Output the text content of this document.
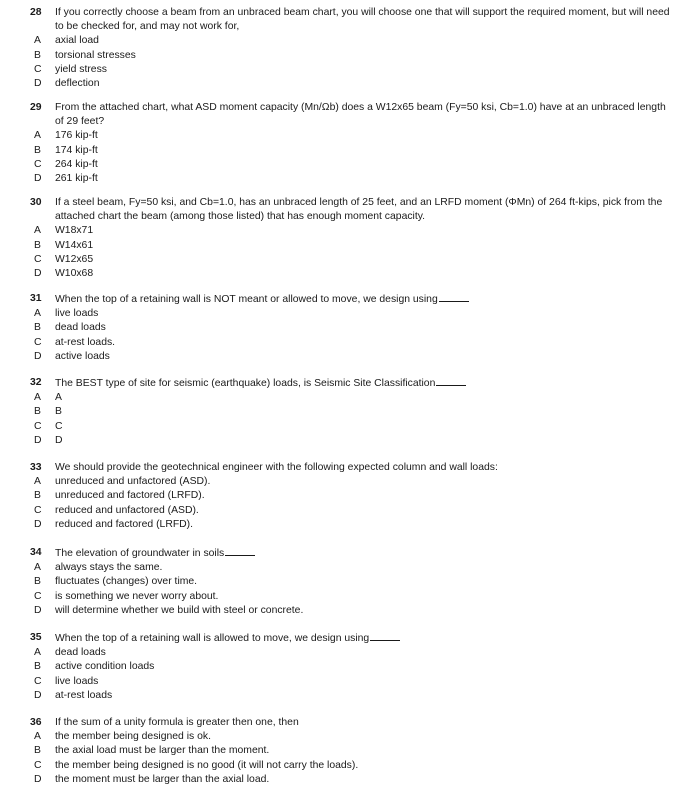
28	If you correctly choose a beam from an unbraced beam chart, you will choose one that will support the required moment, but will need to be checked for, and may not work for,
A	axial load
B	torsional stresses
C	yield stress
D	deflection
29	From the attached chart, what ASD moment capacity (Mn/Ωb) does a W12x65 beam (Fy=50 ksi, Cb=1.0) have at an unbraced length of 29 feet?
A	176 kip-ft
B	174 kip-ft
C	264 kip-ft
D	261 kip-ft
30	If a steel beam, Fy=50 ksi, and Cb=1.0, has an unbraced length of 25 feet, and an LRFD moment (ΦMn) of 264 ft-kips, pick from the attached chart the beam (among those listed) that has enough moment capacity.
A	W18x71
B	W14x61
C	W12x65
D	W10x68
31	When the top of a retaining wall is NOT meant or allowed to move, we design using
A	live loads
B	dead loads
C	at-rest loads.
D	active loads
32	The BEST type of site for seismic (earthquake) loads, is Seismic Site Classification
A	A
B	B
C	C
D	D
33	We should provide the geotechnical engineer with the following expected column and wall loads:
A	unreduced and unfactored (ASD).
B	unreduced and factored (LRFD).
C	reduced and unfactored (ASD).
D	reduced and factored (LRFD).
34	The elevation of groundwater in soils
A	always stays the same.
B	fluctuates (changes) over time.
C	is something we never worry about.
D	will determine whether we build with steel or concrete.
35	When the top of a retaining wall is allowed to move, we design using
A	dead loads
B	active condition loads
C	live loads
D	at-rest loads
36	If the sum of a unity formula is greater then one, then
A	the member being designed is ok.
B	the axial load must be larger than the moment.
C	the member being designed is no good (it will not carry the loads).
D	the moment must be larger than the axial load.
